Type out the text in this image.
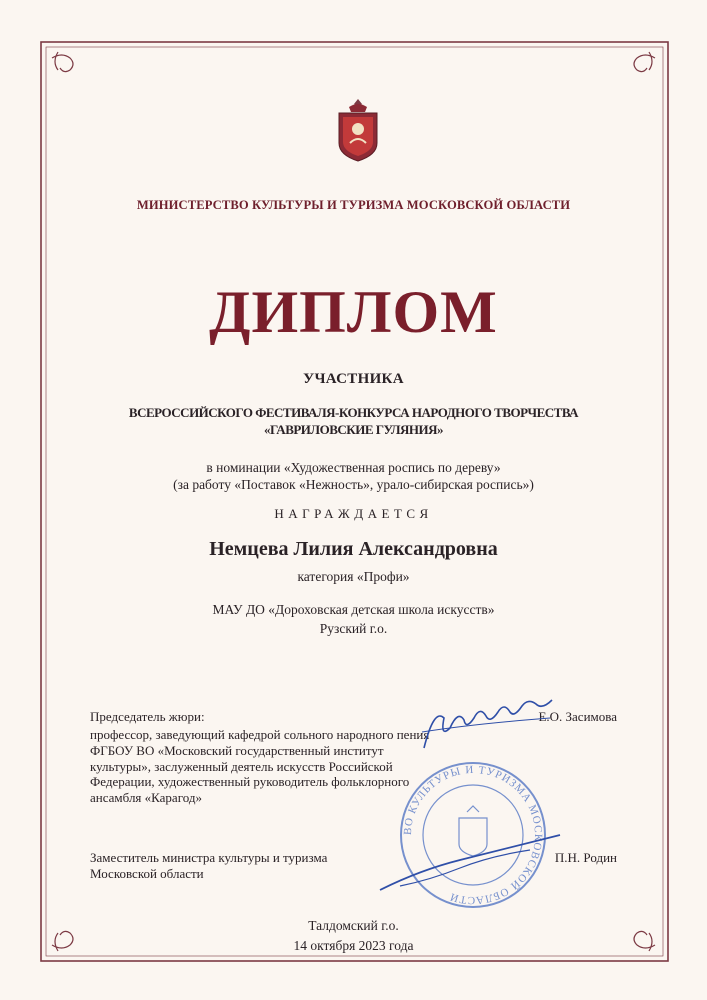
МИНИСТЕРСТВО КУЛЬТУРЫ И ТУРИЗМА МОСКОВСКОЙ ОБЛАСТИ
ДИПЛОМ
УЧАСТНИКА
ВСЕРОССИЙСКОГО ФЕСТИВАЛЯ-КОНКУРСА НАРОДНОГО ТВОРЧЕСТВА
«ГАВРИЛОВСКИЕ ГУЛЯНИЯ»
в номинации «Художественная роспись по дереву»
(за работу «Поставок «Нежность», урало-сибирская роспись»)
НАГРАЖДАЕТСЯ
Немцева Лилия Александровна
категория «Профи»
МАУ ДО «Дороховская детская школа искусств»
Рузский г.о.
Председатель жюри:
профессор, заведующий кафедрой сольного народного пения ФГБОУ ВО «Московский государственный институт культуры», заслуженный деятель искусств Российской Федерации, художественный руководитель фольклорного ансамбля «Карагод»
Е.О. Засимова
ВО КУЛЬТУРЫ И ТУРИЗМА МОСКОВСКОЙ ОБЛАСТИ
Заместитель министра культуры и туризма
Московской области
П.Н. Родин
Талдомский г.о.
14 октября 2023 года
